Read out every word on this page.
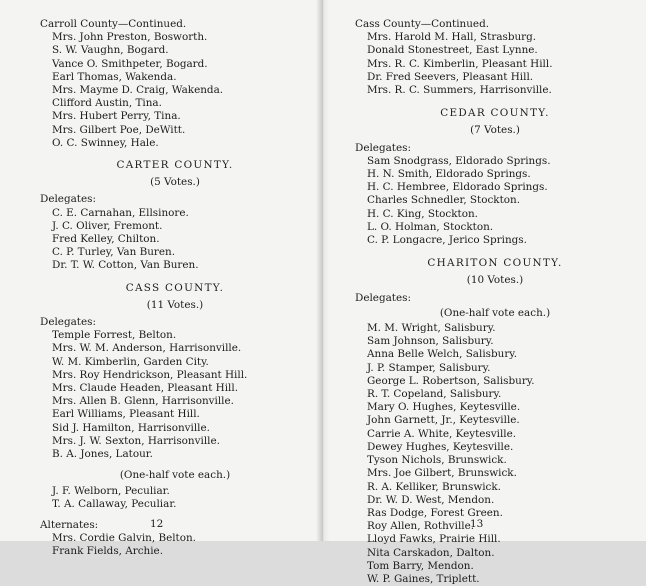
Carroll County—Continued.
Mrs. John Preston, Bosworth.
S. W. Vaughn, Bogard.
Vance O. Smithpeter, Bogard.
Earl Thomas, Wakenda.
Mrs. Mayme D. Craig, Wakenda.
Clifford Austin, Tina.
Mrs. Hubert Perry, Tina.
Mrs. Gilbert Poe, DeWitt.
O. C. Swinney, Hale.
CARTER COUNTY.
(5 Votes.)
Delegates:
C. E. Carnahan, Ellsinore.
J. C. Oliver, Fremont.
Fred Kelley, Chilton.
C. P. Turley, Van Buren.
Dr. T. W. Cotton, Van Buren.
CASS COUNTY.
(11 Votes.)
Delegates:
Temple Forrest, Belton.
Mrs. W. M. Anderson, Harrisonville.
W. M. Kimberlin, Garden City.
Mrs. Roy Hendrickson, Pleasant Hill.
Mrs. Claude Headen, Pleasant Hill.
Mrs. Allen B. Glenn, Harrisonville.
Earl Williams, Pleasant Hill.
Sid J. Hamilton, Harrisonville.
Mrs. J. W. Sexton, Harrisonville.
B. A. Jones, Latour.
(One-half vote each.)
J. F. Welborn, Peculiar.
T. A. Callaway, Peculiar.
Alternates:
Mrs. Cordie Galvin, Belton.
Frank Fields, Archie.
12
Cass County—Continued.
Mrs. Harold M. Hall, Strasburg.
Donald Stonestreet, East Lynne.
Mrs. R. C. Kimberlin, Pleasant Hill.
Dr. Fred Seevers, Pleasant Hill.
Mrs. R. C. Summers, Harrisonville.
CEDAR COUNTY.
(7 Votes.)
Delegates:
Sam Snodgrass, Eldorado Springs.
H. N. Smith, Eldorado Springs.
H. C. Hembree, Eldorado Springs.
Charles Schnedler, Stockton.
H. C. King, Stockton.
L. O. Holman, Stockton.
C. P. Longacre, Jerico Springs.
CHARITON COUNTY.
(10 Votes.)
Delegates:
(One-half vote each.)
M. M. Wright, Salisbury.
Sam Johnson, Salisbury.
Anna Belle Welch, Salisbury.
J. P. Stamper, Salisbury.
George L. Robertson, Salisbury.
R. T. Copeland, Salisbury.
Mary O. Hughes, Keytesville.
John Garnett, Jr., Keytesville.
Carrie A. White, Keytesville.
Dewey Hughes, Keytesville.
Tyson Nichols, Brunswick.
Mrs. Joe Gilbert, Brunswick.
R. A. Kelliker, Brunswick.
Dr. W. D. West, Mendon.
Ras Dodge, Forest Green.
Roy Allen, Rothville.
Lloyd Fawks, Prairie Hill.
Nita Carskadon, Dalton.
Tom Barry, Mendon.
W. P. Gaines, Triplett.
13
